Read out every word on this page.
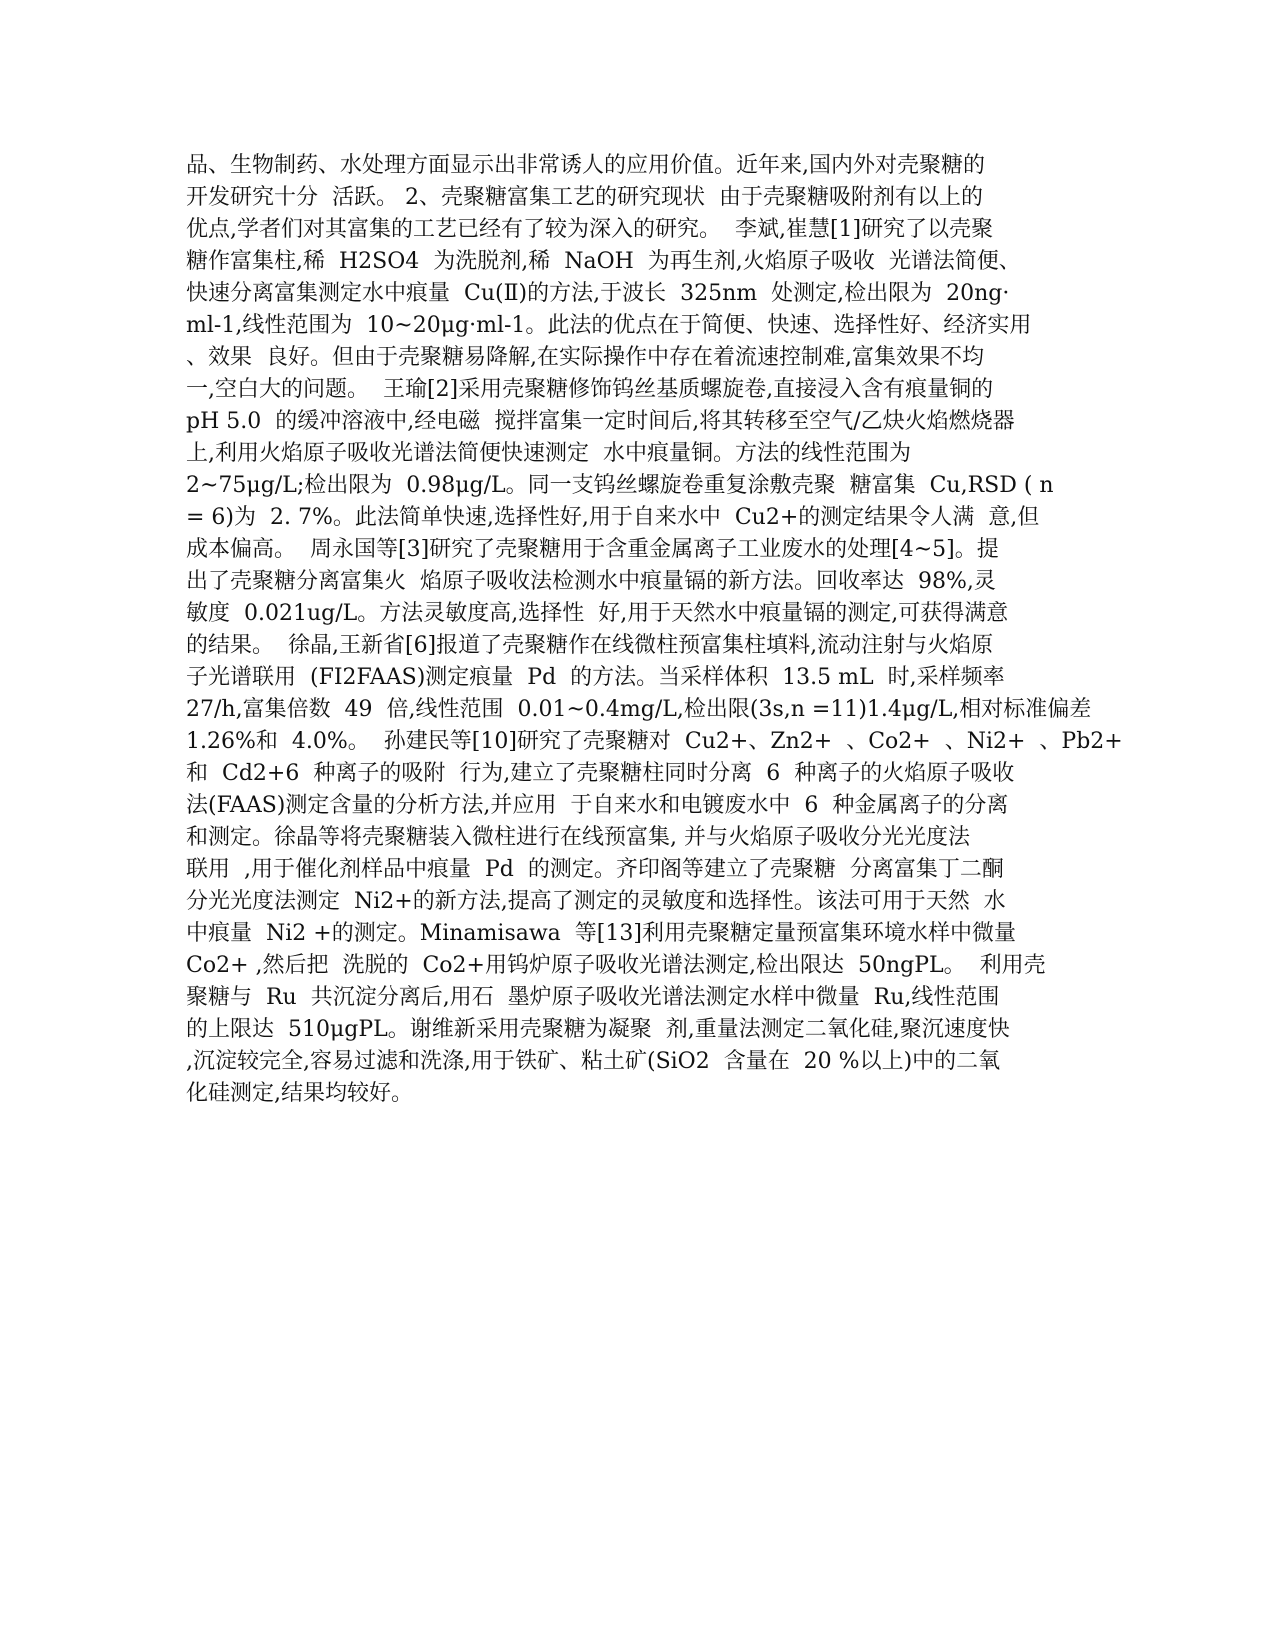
品、生物制药、水处理方面显示出非常诱人的应用价值。近年来,国内外对壳聚糖的
开发研究十分  活跃。 2、壳聚糖富集工艺的研究现状  由于壳聚糖吸附剂有以上的
优点,学者们对其富集的工艺已经有了较为深入的研究。  李斌,崔慧[1]研究了以壳聚
糖作富集柱,稀  H2SO4  为洗脱剂,稀  NaOH  为再生剂,火焰原子吸收  光谱法简便、
快速分离富集测定水中痕量  Cu(Ⅱ)的方法,于波长  325nm  处测定,检出限为  20ng·
ml-1,线性范围为  10~20μg·ml-1。此法的优点在于简便、快速、选择性好、经济实用
、效果  良好。但由于壳聚糖易降解,在实际操作中存在着流速控制难,富集效果不均
一,空白大的问题。  王瑜[2]采用壳聚糖修饰钨丝基质螺旋卷,直接浸入含有痕量铜的
pH 5.0  的缓冲溶液中,经电磁  搅拌富集一定时间后,将其转移至空气/乙炔火焰燃烧器
上,利用火焰原子吸收光谱法简便快速测定  水中痕量铜。方法的线性范围为
2~75μg/L;检出限为  0.98μg/L。同一支钨丝螺旋卷重复涂敷壳聚  糖富集  Cu,RSD ( n
= 6)为  2. 7%。此法简单快速,选择性好,用于自来水中  Cu2+的测定结果令人满  意,但
成本偏高。  周永国等[3]研究了壳聚糖用于含重金属离子工业废水的处理[4~5]。提
出了壳聚糖分离富集火  焰原子吸收法检测水中痕量镉的新方法。回收率达  98%,灵
敏度  0.021ug/L。方法灵敏度高,选择性  好,用于天然水中痕量镉的测定,可获得满意
的结果。  徐晶,王新省[6]报道了壳聚糖作在线微柱预富集柱填料,流动注射与火焰原
子光谱联用  (FI2FAAS)测定痕量  Pd  的方法。当采样体积  13.5 mL  时,采样频率
27/h,富集倍数  49  倍,线性范围  0.01~0.4mg/L,检出限(3s,n =11)1.4μg/L,相对标准偏差
1.26%和  4.0%。  孙建民等[10]研究了壳聚糖对  Cu2+、Zn2+  、Co2+  、Ni2+  、Pb2+
和  Cd2+6  种离子的吸附  行为,建立了壳聚糖柱同时分离  6  种离子的火焰原子吸收
法(FAAS)测定含量的分析方法,并应用  于自来水和电镀废水中  6  种金属离子的分离
和测定。徐晶等将壳聚糖装入微柱进行在线预富集, 并与火焰原子吸收分光光度法
联用  ,用于催化剂样品中痕量  Pd  的测定。齐印阁等建立了壳聚糖  分离富集丁二酮
分光光度法测定  Ni2+的新方法,提高了测定的灵敏度和选择性。该法可用于天然  水
中痕量  Ni2 +的测定。Minamisawa  等[13]利用壳聚糖定量预富集环境水样中微量
Co2+ ,然后把  洗脱的  Co2+用钨炉原子吸收光谱法测定,检出限达  50ngPL。  利用壳
聚糖与  Ru  共沉淀分离后,用石  墨炉原子吸收光谱法测定水样中微量  Ru,线性范围
的上限达  510μgPL。谢维新采用壳聚糖为凝聚  剂,重量法测定二氧化硅,聚沉速度快
,沉淀较完全,容易过滤和洗涤,用于铁矿、粘土矿(SiO2  含量在  20 %以上)中的二氧
化硅测定,结果均较好。
